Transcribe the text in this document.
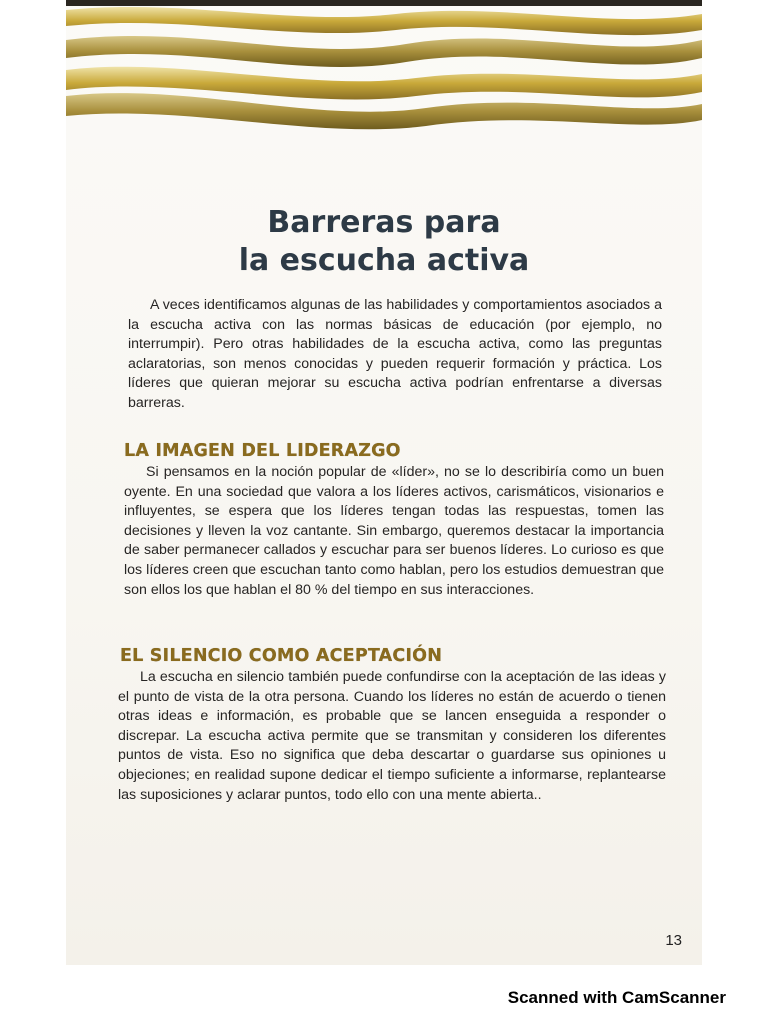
Barreras para
la escucha activa

A veces identificamos algunas de las habilidades y comportamientos asociados a la escucha activa con las normas básicas de educación (por ejemplo, no interrumpir). Pero otras habilidades de la escucha activa, como las preguntas aclaratorias, son menos conocidas y pueden requerir formación y práctica. Los líderes que quieran mejorar su escucha activa podrían enfrentarse a diversas barreras.

LA IMAGEN DEL LIDERAZGO

Si pensamos en la noción popular de «líder», no se lo describiría como un buen oyente. En una sociedad que valora a los líderes activos, carismáticos, visionarios e influyentes, se espera que los líderes tengan todas las respuestas, tomen las decisiones y lleven la voz cantante. Sin embargo, queremos destacar la importancia de saber permanecer callados y escuchar para ser buenos líderes. Lo curioso es que los líderes creen que escuchan tanto como hablan, pero los estudios demuestran que son ellos los que hablan el 80 % del tiempo en sus interacciones.

EL SILENCIO COMO ACEPTACIÓN

La escucha en silencio también puede confundirse con la aceptación de las ideas y el punto de vista de la otra persona. Cuando los líderes no están de acuerdo o tienen otras ideas e información, es probable que se lancen enseguida a responder o discrepar. La escucha activa permite que se transmitan y consideren los diferentes puntos de vista. Eso no significa que deba descartar o guardarse sus opiniones u objeciones; en realidad supone dedicar el tiempo suficiente a informarse, replantearse las suposiciones y aclarar puntos, todo ello con una mente abierta..

13
Scanned with CamScanner
